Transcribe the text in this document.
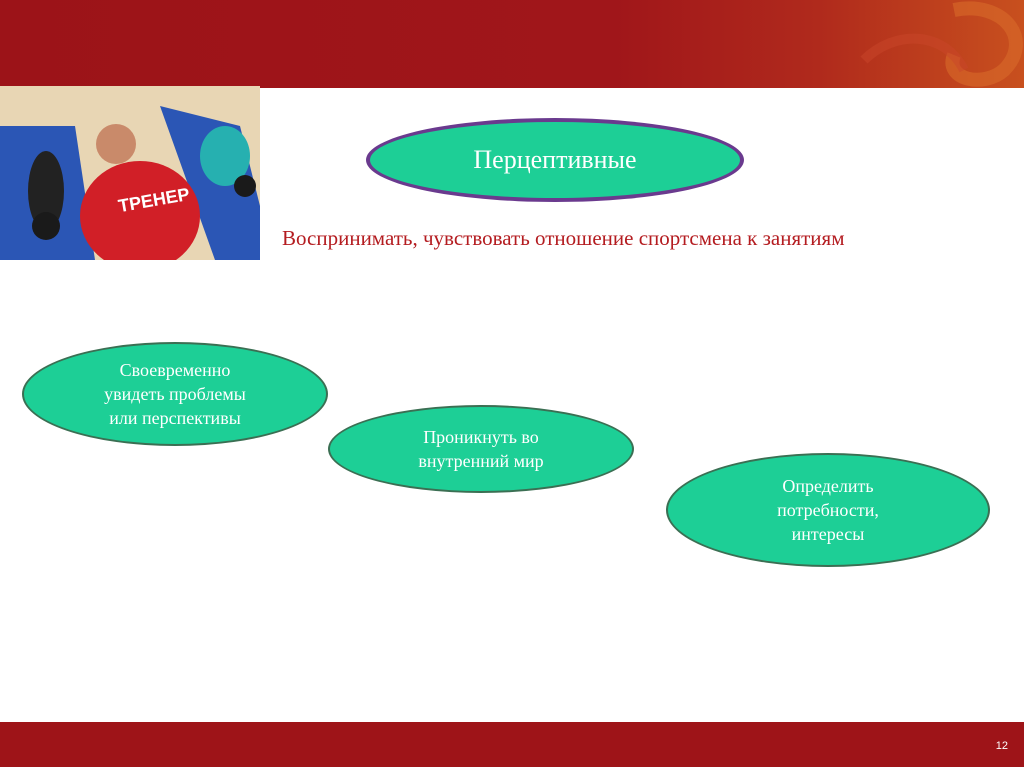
ТРЕНЕР
Перцептивные
Воспринимать, чувствовать отношение спортсмена к занятиям
Своевременно
увидеть проблемы
или перспективы
Проникнуть во
внутренний мир
Определить
потребности,
интересы
12
